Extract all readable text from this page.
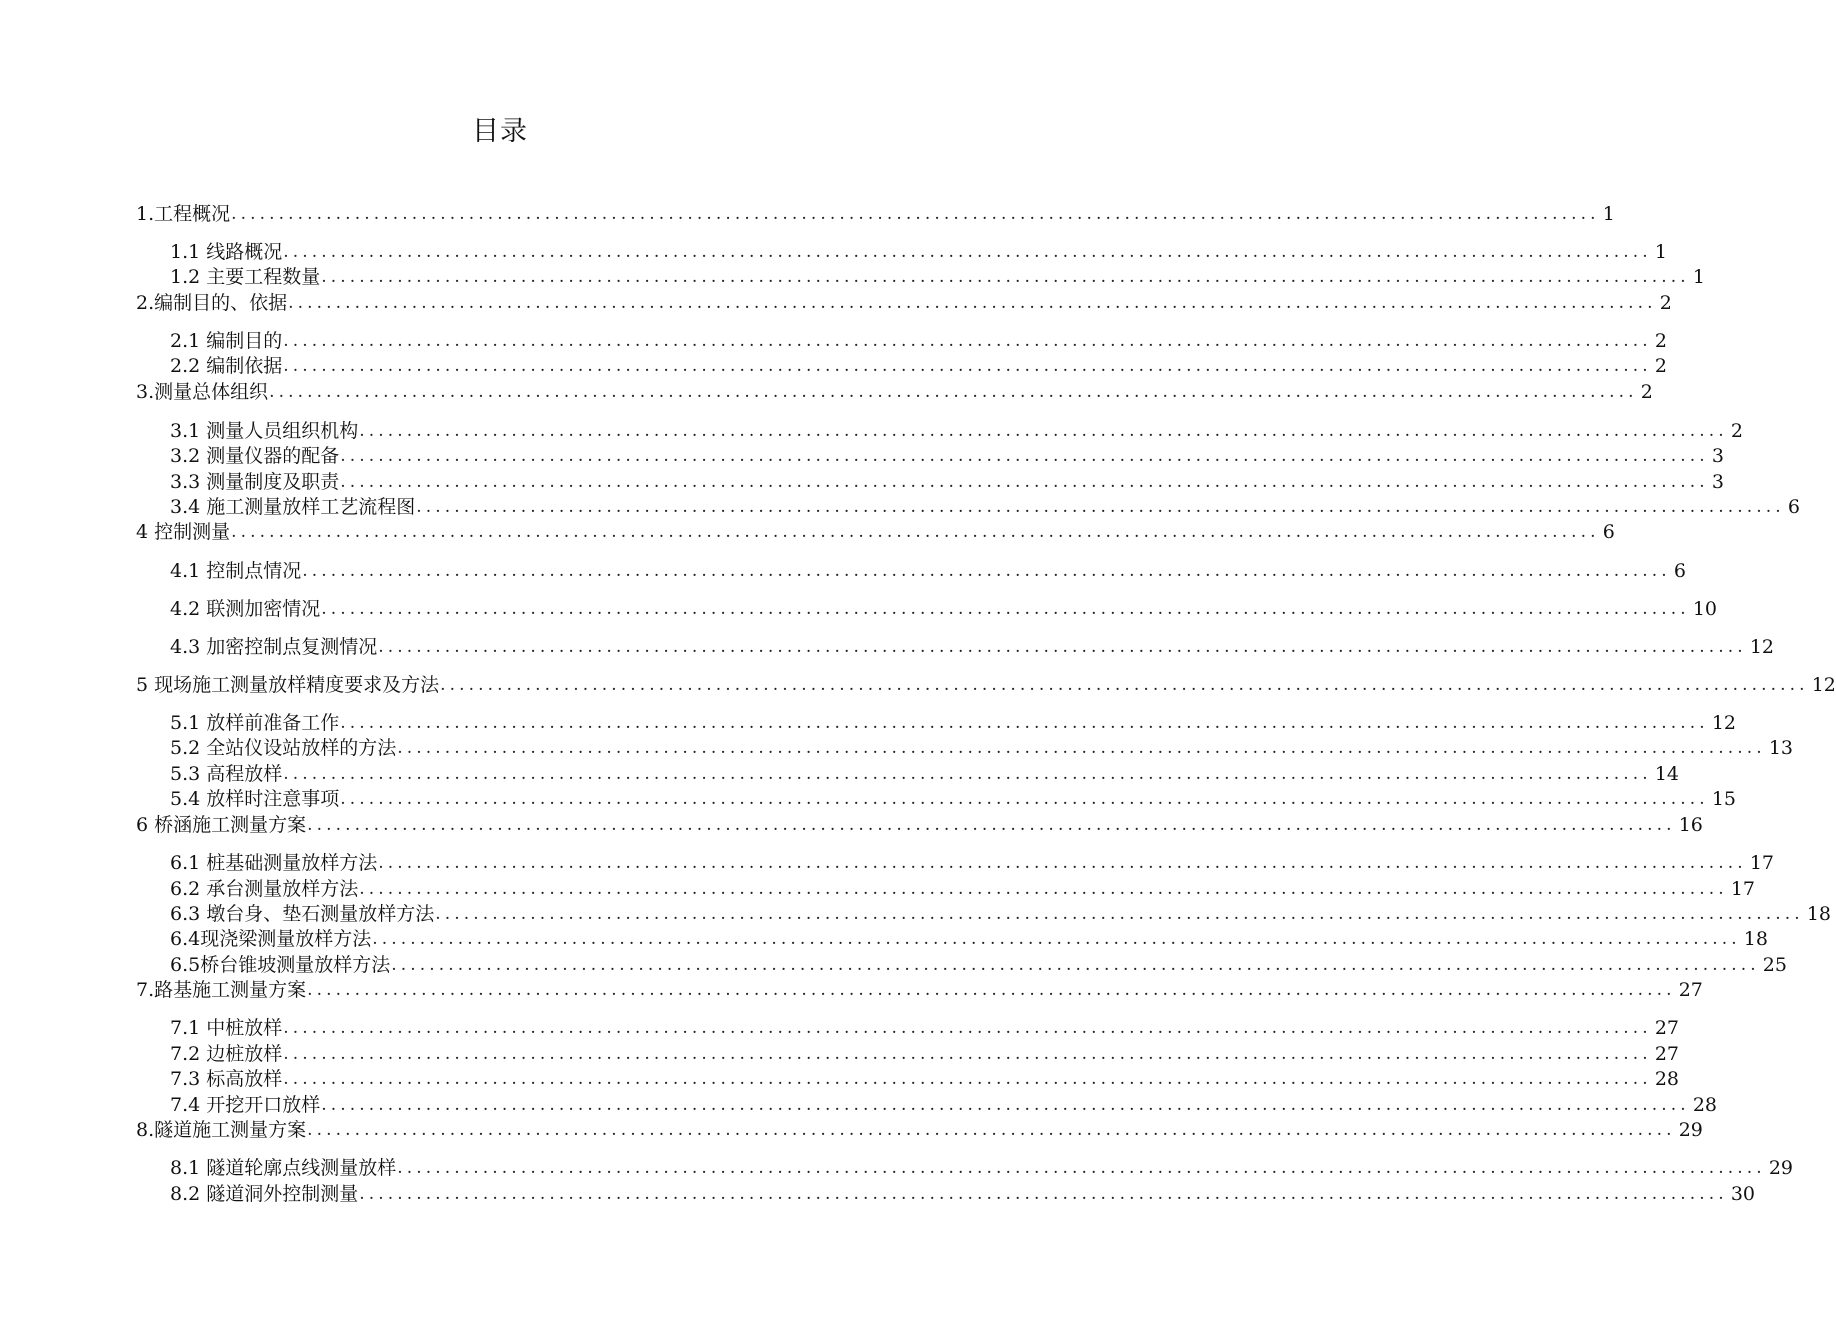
目录
1.工程概况 ................................................................................................................................................ 1
1.1 线路概况 ................................................................................................................................................ 1
1.2 主要工程数量 ................................................................................................................................................ 1
2.编制目的、依据 ................................................................................................................................................ 2
2.1 编制目的 ................................................................................................................................................ 2
2.2 编制依据 ................................................................................................................................................ 2
3.测量总体组织 ................................................................................................................................................ 2
3.1 测量人员组织机构 ................................................................................................................................................ 2
3.2 测量仪器的配备 ................................................................................................................................................ 3
3.3 测量制度及职责 ................................................................................................................................................ 3
3.4 施工测量放样工艺流程图 ................................................................................................................................................ 6
4 控制测量 ................................................................................................................................................ 6
4.1 控制点情况 ................................................................................................................................................ 6
4.2 联测加密情况 ................................................................................................................................................ 10
4.3 加密控制点复测情况 ................................................................................................................................................ 12
5 现场施工测量放样精度要求及方法 ................................................................................................................................................ 12
5.1 放样前准备工作 ................................................................................................................................................ 12
5.2 全站仪设站放样的方法 ................................................................................................................................................ 13
5.3 高程放样 ................................................................................................................................................ 14
5.4 放样时注意事项 ................................................................................................................................................ 15
6 桥涵施工测量方案 ................................................................................................................................................ 16
6.1 桩基础测量放样方法 ................................................................................................................................................ 17
6.2 承台测量放样方法 ................................................................................................................................................ 17
6.3 墩台身、垫石测量放样方法 ................................................................................................................................................ 18
6.4现浇梁测量放样方法 ................................................................................................................................................ 18
6.5桥台锥坡测量放样方法 ................................................................................................................................................ 25
7.路基施工测量方案 ................................................................................................................................................ 27
7.1 中桩放样 ................................................................................................................................................ 27
7.2 边桩放样 ................................................................................................................................................ 27
7.3 标高放样 ................................................................................................................................................ 28
7.4 开挖开口放样 ................................................................................................................................................ 28
8.隧道施工测量方案 ................................................................................................................................................ 29
8.1 隧道轮廓点线测量放样 ................................................................................................................................................ 29
8.2 隧道洞外控制测量 ................................................................................................................................................ 30
